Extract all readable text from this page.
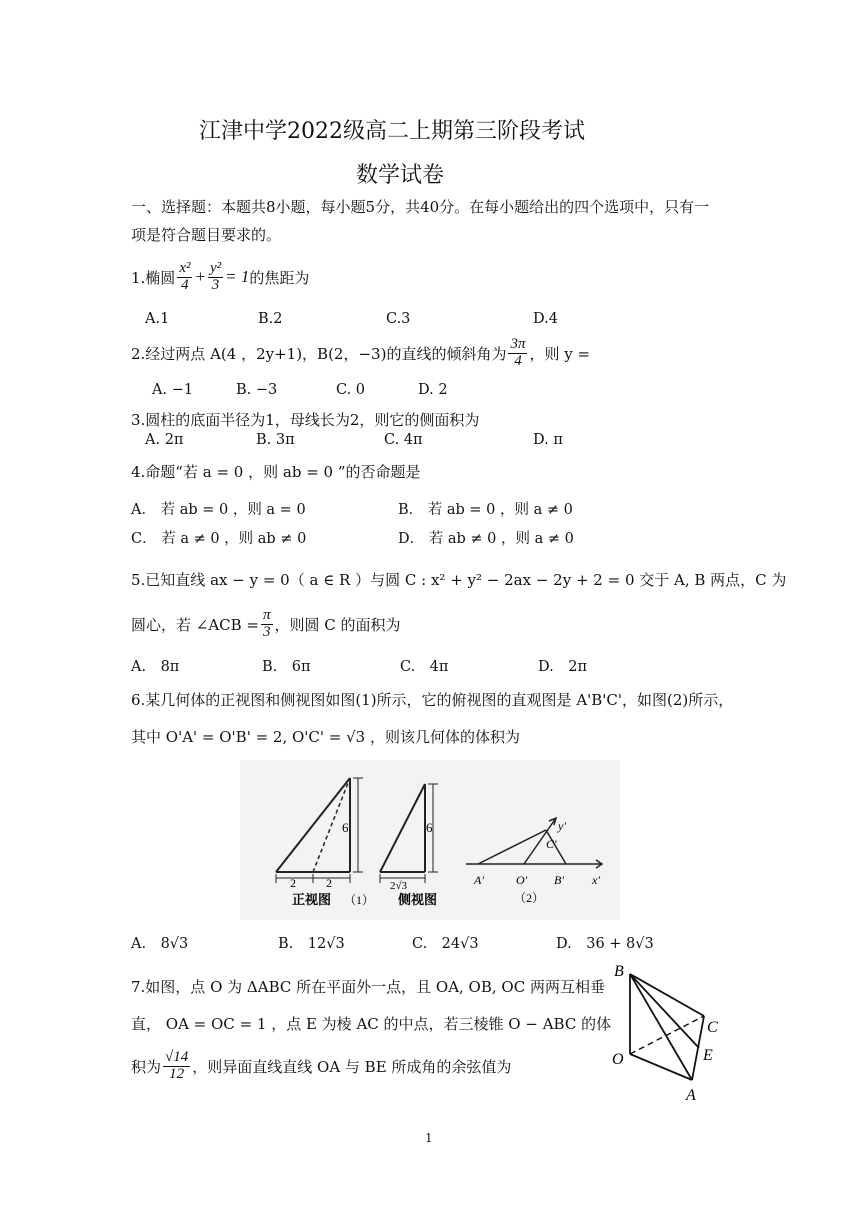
江津中学2022级高二上期第三阶段考试
数学试卷
一、选择题：本题共8小题，每小题5分，共40分。在每小题给出的四个选项中，只有一
项是符合题目要求的。
1.椭圆 $\frac{\text{x²}}{4} + \frac{\text{y²}}{3} = 1$ 的焦距为
A.1	B.2	C.3	D.4
2.经过两点 A(4 ，2y+1)，B(2，−3)的直线的倾斜角为 $\frac{3\pi}{4}$ ，则 y =
A. −1	B. −3	C. 0	D. 2
3.圆柱的底面半径为1，母线长为2，则它的侧面积为
A. 2π	B. 3π	C. 4π	D. π
4.命题“若 a = 0 ，则 ab = 0 ”的否命题是
A． 若 ab = 0 ，则 a = 0	B． 若 ab = 0 ，则 a ≠ 0
C． 若 a ≠ 0 ，则 ab ≠ 0	D． 若 ab ≠ 0 ，则 a ≠ 0
5.已知直线 ax − y = 0（ a ∈ R ）与圆 C : x² + y² − 2ax − 2y + 2 = 0 交于 A, B 两点，C 为
圆心，若 ∠ACB = $\frac{\pi}{3}$ ，则圆 C 的面积为
A.　8π	B.　6π	C.　4π	D.　2π
6.某几何体的正视图和侧视图如图(1)所示，它的俯视图的直观图是 A'B'C'，如图(2)所示，
其中 O'A' = O'B' = 2, O'C' = √3 ，则该几何体的体积为
6
2	2
正视图 （1）
6
2√3
侧视图
y'
C'
A'	O' B' x'
（2）
A.　8√3	B.　12√3	C.　24√3	D.　36 + 8√3
7.如图，点 O 为 ΔABC 所在平面外一点，且 OA, OB, OC 两两互相垂
直， OA = OC = 1 ，点 E 为棱 AC 的中点，若三棱锥 O − ABC 的体
积为 $\frac{√14}{12}$ ，则异面直线直线 OA 与 BE 所成角的余弦值为
B
C
O	E
A
1
